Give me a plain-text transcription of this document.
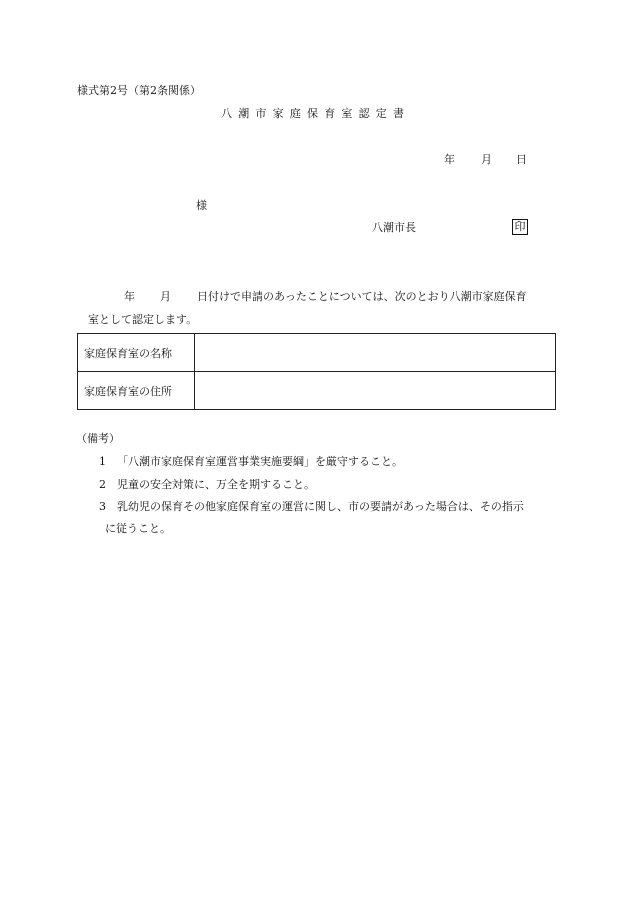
様式第2号（第2条関係）
八潮市家庭保育室認定書
年 月 日
様
八潮市長	印
年 月 日付けで申請のあったことについては、次のとおり八潮市家庭保育
室として認定します。
家庭保育室の名称	
家庭保育室の住所	
（備考）
1 「八潮市家庭保育室運営事業実施要綱」を厳守すること。
2 児童の安全対策に、万全を期すること。
3 乳幼児の保育その他家庭保育室の運営に関し、市の要請があった場合は、その指示
に従うこと。
